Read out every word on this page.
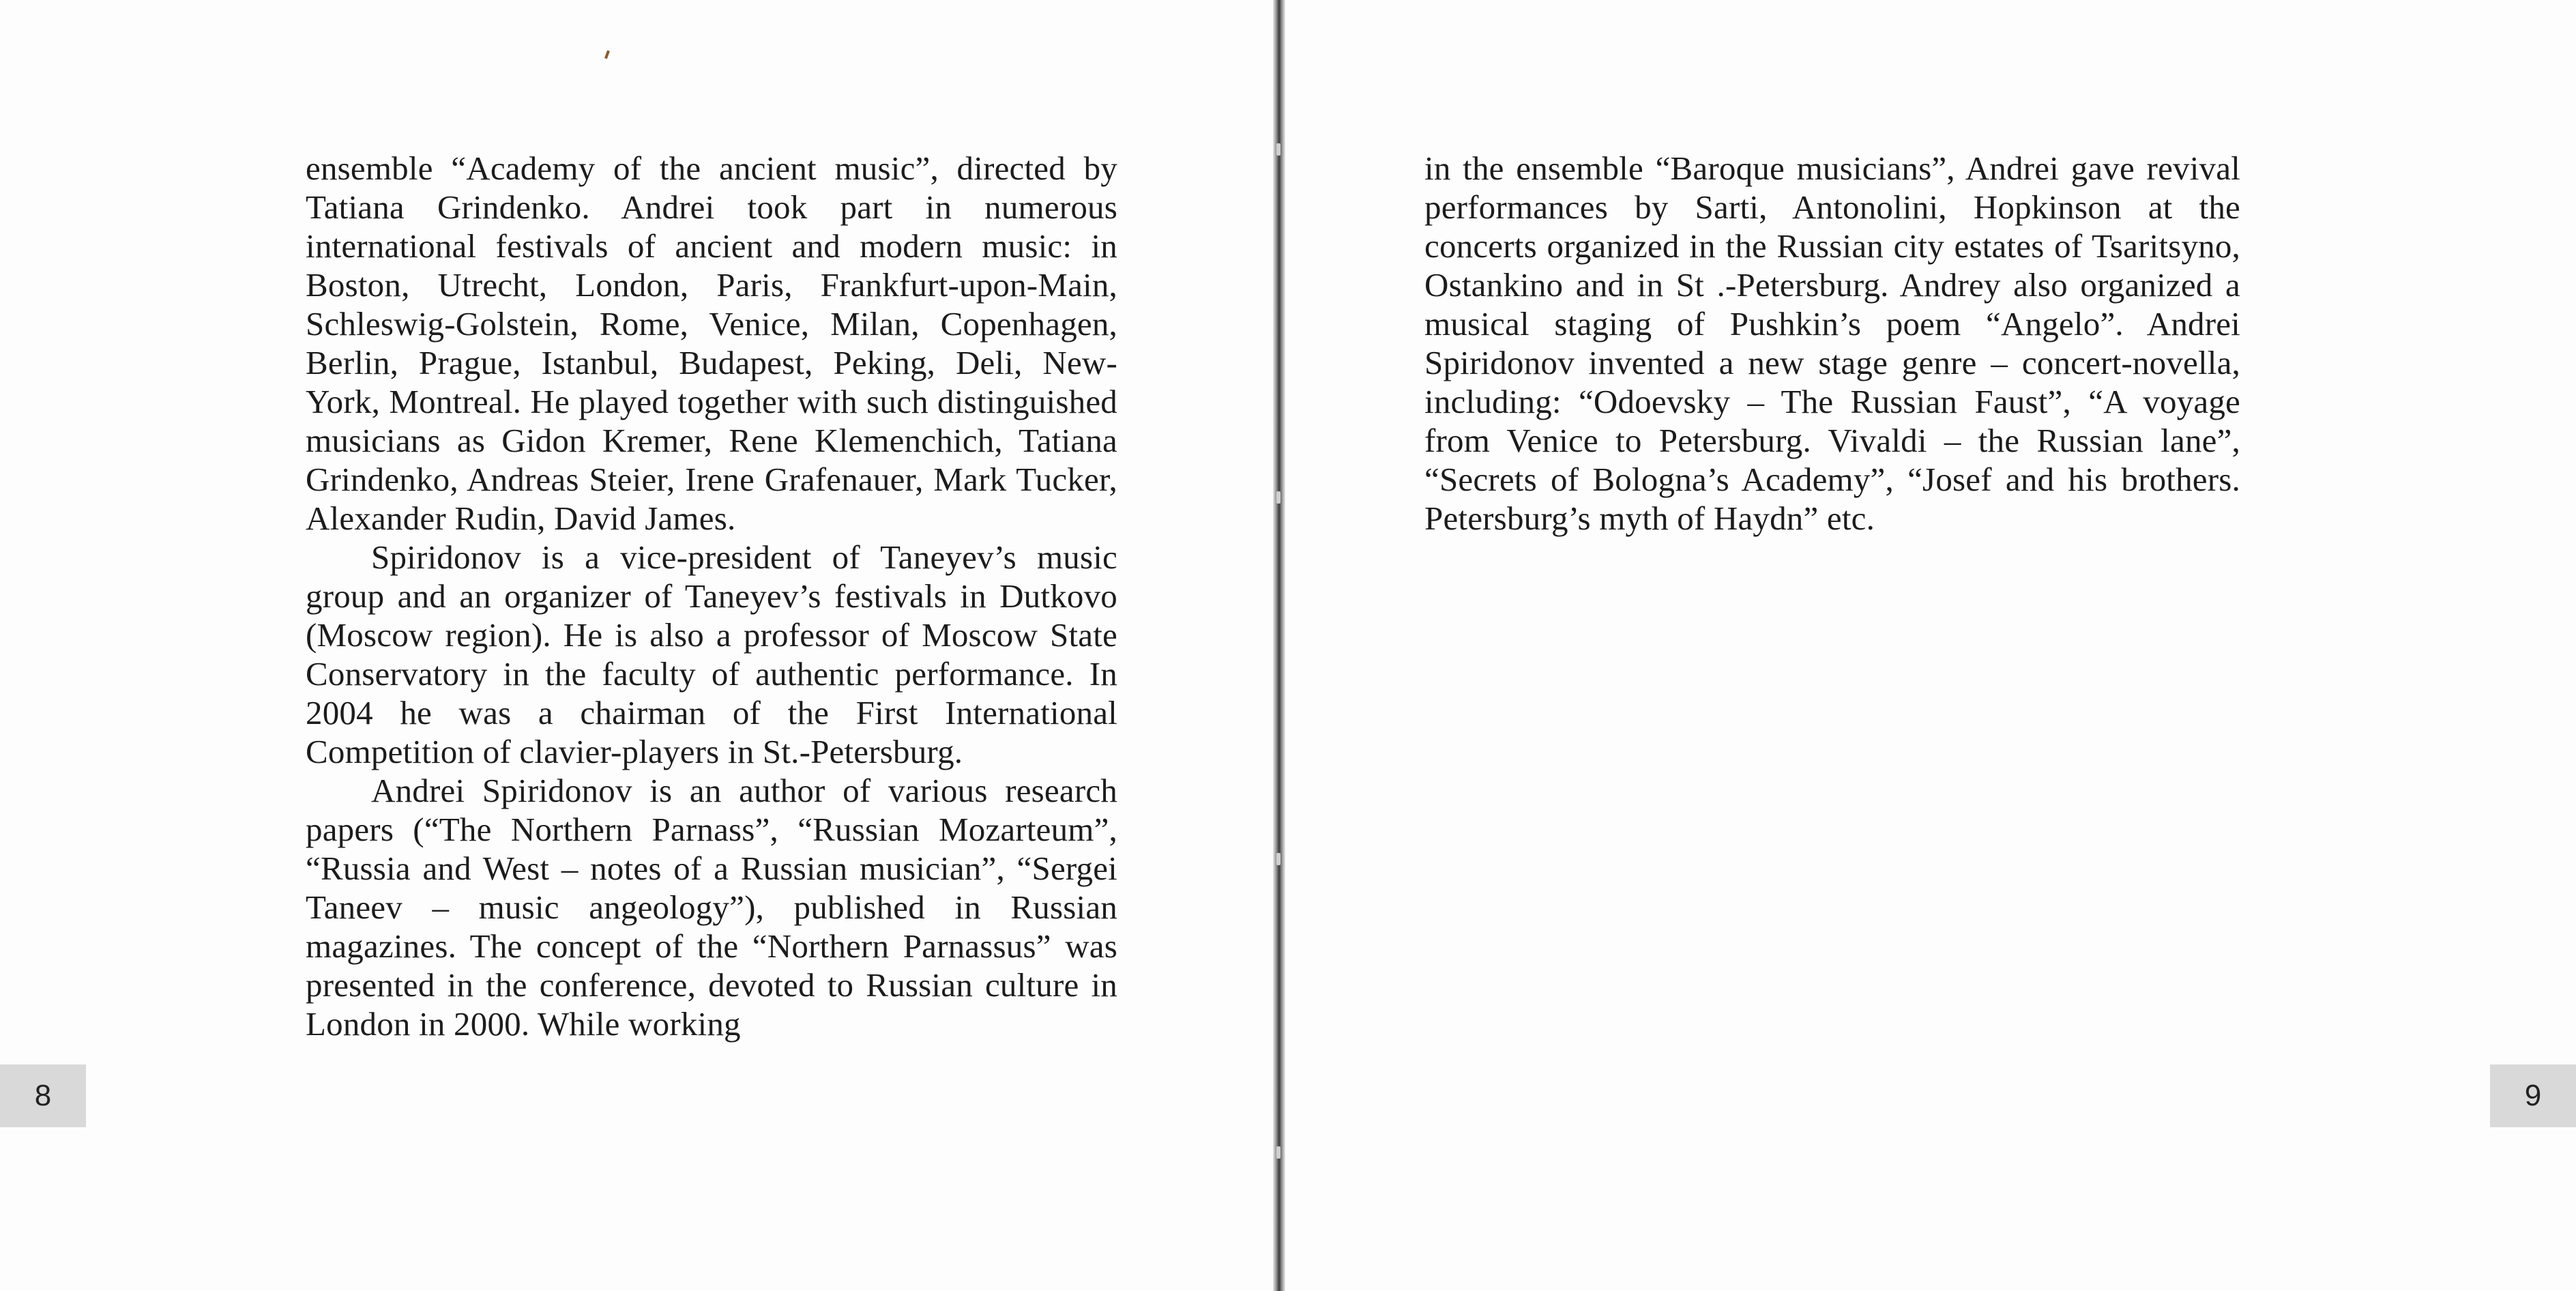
ensemble “Academy of the ancient music”, directed by Tatiana Grindenko. Andrei took part in numerous international festivals of ancient and modern music: in Boston, Utrecht, London, Paris, Frankfurt-upon-Main, Schleswig-Golstein, Rome, Venice, Milan, Copenhagen, Berlin, Prague, Istanbul, Budapest, Peking, Deli, New-York, Montreal. He played together with such distinguished musicians as Gidon Kremer, Rene Klemenchich, Tatiana Grindenko, Andreas Steier, Irene Grafenauer, Mark Tucker, Alexander Rudin, David James.

Spiridonov is a vice-president of Taneyev’s music group and an organizer of Taneyev’s festivals in Dutkovo (Moscow region). He is also a professor of Moscow State Conservatory in the faculty of authentic performance. In 2004 he was a chairman of the First International Competition of clavier-players in St.-Petersburg.

Andrei Spiridonov is an author of various research papers (“The Northern Parnass”, “Russian Mozarteum”, “Russia and West – notes of a Russian musician”, “Sergei Taneev – music angeology”), published in Russian magazines. The concept of the “Northern Parnassus” was presented in the conference, devoted to Russian culture in London in 2000. While working

8	9

in the ensemble “Baroque musicians”, Andrei gave revival performances by Sarti, Antonolini, Hopkinson at the concerts organized in the Russian city estates of Tsaritsyno, Ostankino and in St .-Petersburg. Andrey also organized a musical staging of Pushkin’s poem “Angelo”. Andrei Spiridonov invented a new stage genre – concert-novella, including: “Odoevsky – The Russian Faust”, “A voyage from Venice to Petersburg. Vivaldi – the Russian lane”, “Secrets of Bologna’s Academy”, “Josef and his brothers. Petersburg’s myth of Haydn” etc.
